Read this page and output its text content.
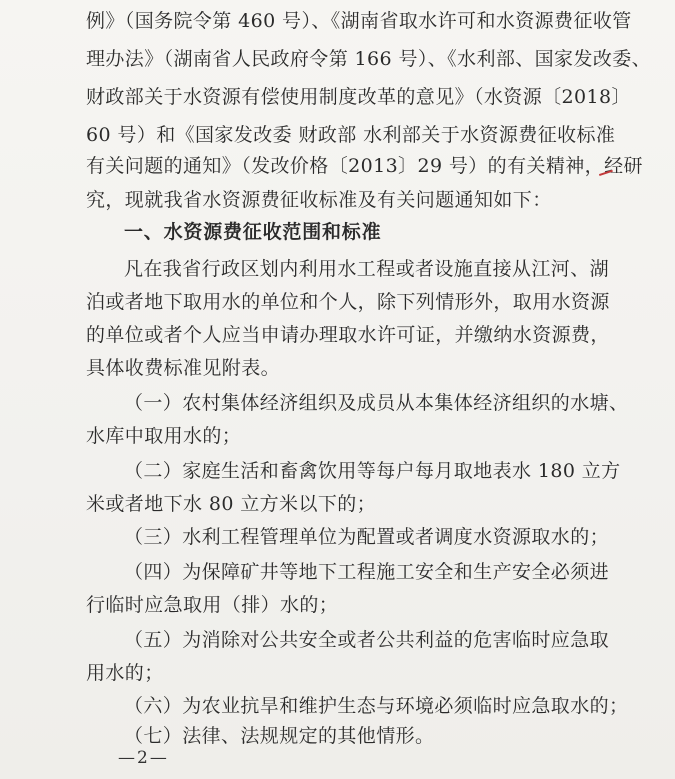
例》（国务院令第 460 号）、《湖南省取水许可和水资源费征收管
理办法》（湖南省人民政府令第 166 号）、《水利部、国家发改委、
财政部关于水资源有偿使用制度改革的意见》（水资源〔2018〕
60 号）和《国家发改委 财政部 水利部关于水资源费征收标准
有关问题的通知》（发改价格〔2013〕29 号）的有关精神，经研
究，现就我省水资源费征收标准及有关问题通知如下：
一、水资源费征收范围和标准
凡在我省行政区划内利用水工程或者设施直接从江河、湖
泊或者地下取用水的单位和个人，除下列情形外，取用水资源
的单位或者个人应当申请办理取水许可证，并缴纳水资源费，
具体收费标准见附表。
（一）农村集体经济组织及成员从本集体经济组织的水塘、
水库中取用水的；
（二）家庭生活和畜禽饮用等每户每月取地表水 180 立方
米或者地下水 80 立方米以下的；
（三）水利工程管理单位为配置或者调度水资源取水的；
（四）为保障矿井等地下工程施工安全和生产安全必须进
行临时应急取用（排）水的；
（五）为消除对公共安全或者公共利益的危害临时应急取
用水的；
（六）为农业抗旱和维护生态与环境必须临时应急取水的；
（七）法律、法规规定的其他情形。
—2—
